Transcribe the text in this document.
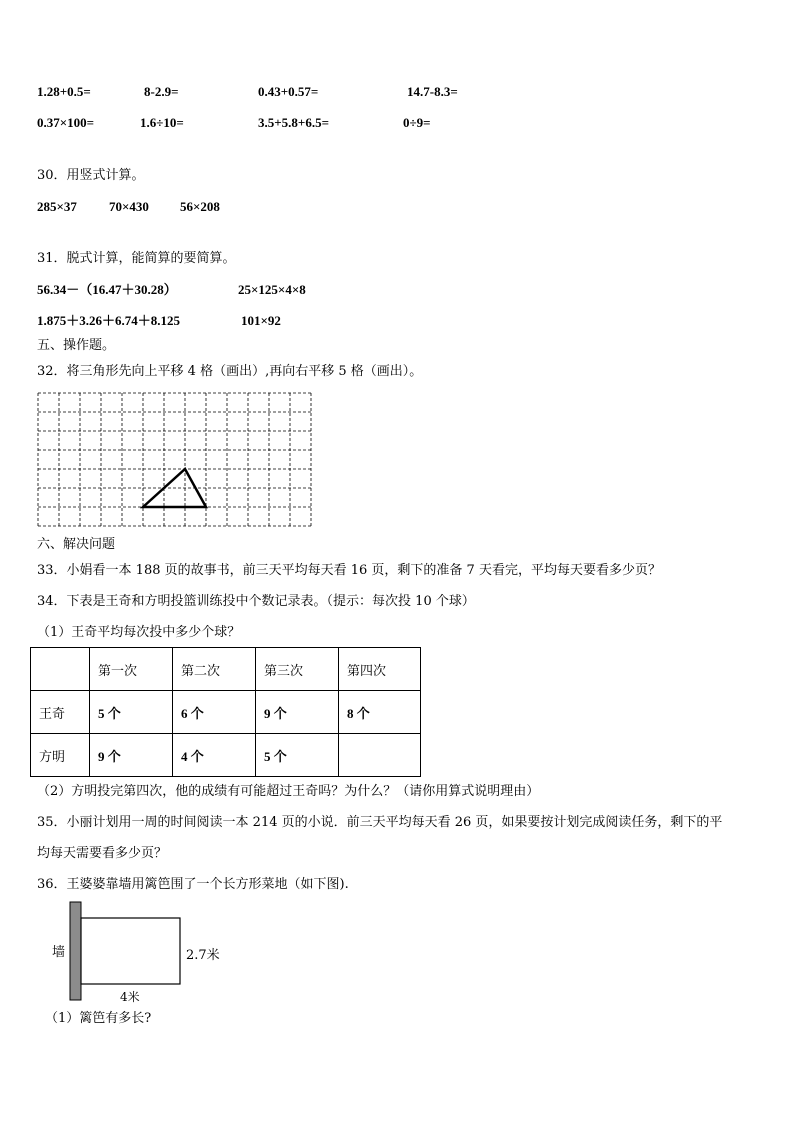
1.28+0.5=	8-2.9=	0.43+0.57=	14.7-8.3=
0.37×100=	1.6÷10=	3.5+5.8+6.5=	0÷9=
30．用竖式计算。
285×37 70×430 56×208
31．脱式计算，能简算的要简算。
56.34－（16.47＋30.28）	25×125×4×8
1.875＋3.26＋6.74＋8.125	101×92
五、操作题。
32．将三角形先向上平移 4 格（画出）,再向右平移 5 格（画出）。
六、解决问题
33．小娟看一本 188 页的故事书，前三天平均每天看 16 页，剩下的准备 7 天看完，平均每天要看多少页？
34．下表是王奇和方明投篮训练投中个数记录表。（提示：每次投 10 个球）
（1）王奇平均每次投中多少个球？
	第一次	第二次	第三次	第四次
王奇	5 个	6 个	9 个	8 个
方明	9 个	4 个	5 个	
（2）方明投完第四次，他的成绩有可能超过王奇吗？为什么？（请你用算式说明理由）
35．小丽计划用一周的时间阅读一本 214 页的小说．前三天平均每天看 26 页，如果要按计划完成阅读任务，剩下的平
均每天需要看多少页？
36．王婆婆靠墙用篱笆围了一个长方形菜地（如下图).
墙	2.7米
4米
（1）篱笆有多长?
